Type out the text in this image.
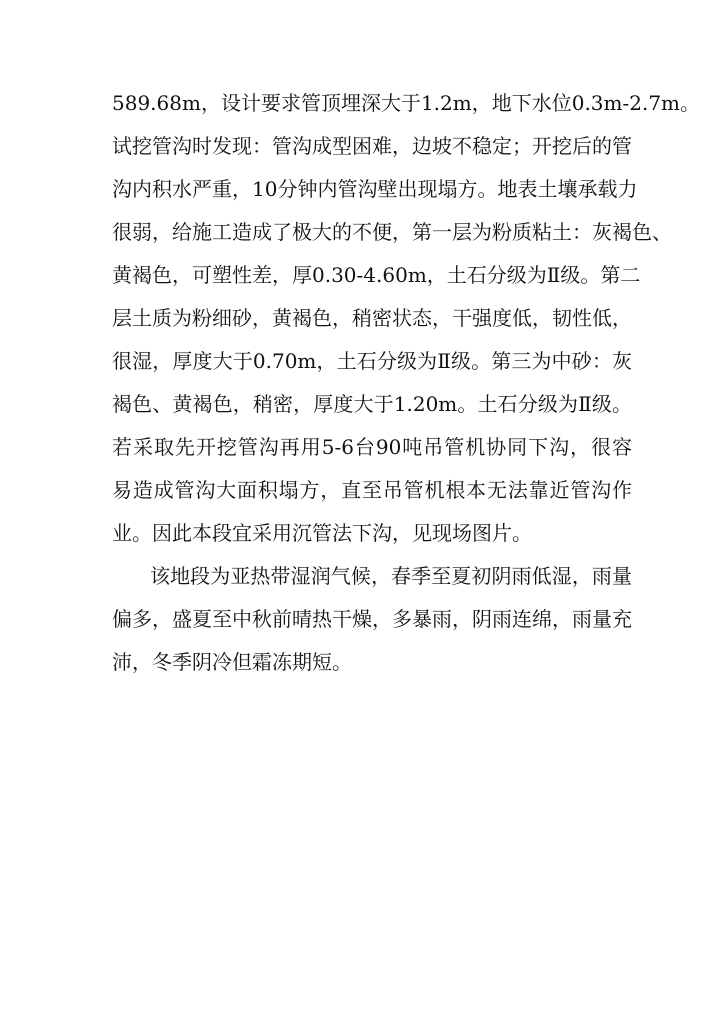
589.68m，设计要求管顶埋深大于1.2m，地下水位0.3m-2.7m。
试挖管沟时发现：管沟成型困难，边坡不稳定；开挖后的管
沟内积水严重，10分钟内管沟壁出现塌方。地表土壤承载力
很弱，给施工造成了极大的不便，第一层为粉质粘土：灰褐色、
黄褐色，可塑性差，厚0.30-4.60m，土石分级为Ⅱ级。第二
层土质为粉细砂，黄褐色，稍密状态，干强度低，韧性低，
很湿，厚度大于0.70m，土石分级为Ⅱ级。第三为中砂：灰
褐色、黄褐色，稍密，厚度大于1.20m。土石分级为Ⅱ级。
若采取先开挖管沟再用5-6台90吨吊管机协同下沟，很容
易造成管沟大面积塌方，直至吊管机根本无法靠近管沟作
业。因此本段宜采用沉管法下沟，见现场图片。
该地段为亚热带湿润气候，春季至夏初阴雨低湿，雨量
偏多，盛夏至中秋前晴热干燥，多暴雨，阴雨连绵，雨量充
沛，冬季阴冷但霜冻期短。
